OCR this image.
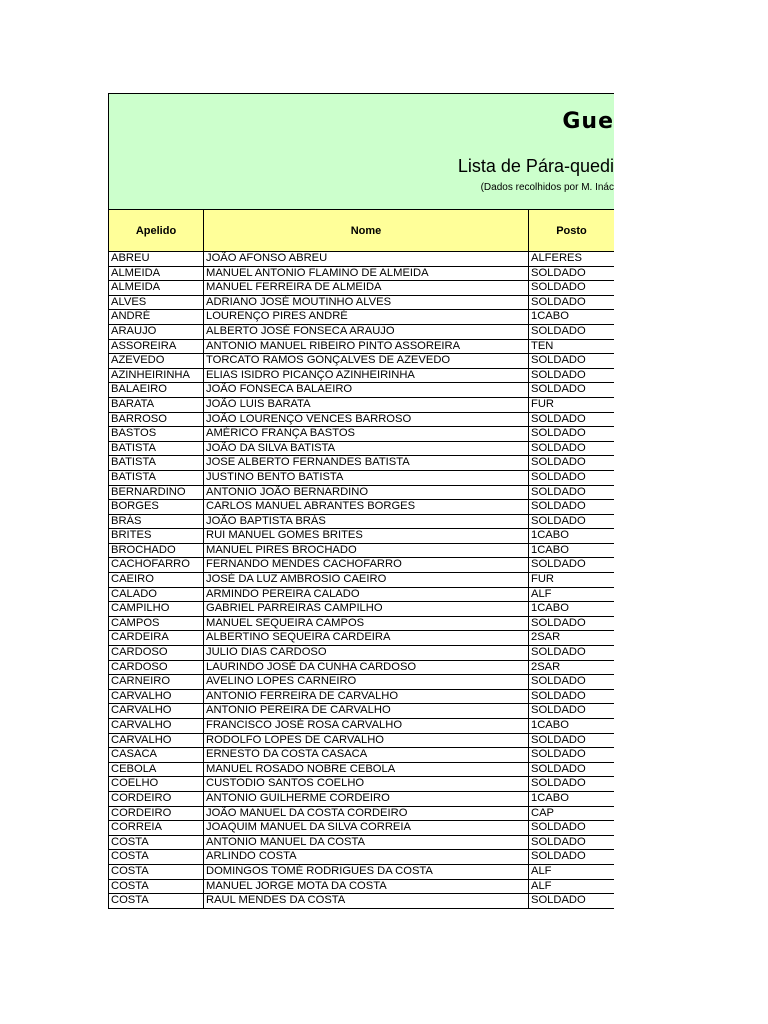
Gue
Lista de Pára-quedi
(Dados recolhidos por M. Inác
Apelido	Nome	Posto
ABREU	JOÃO AFONSO ABREU	ALFERES
ALMEIDA	MANUEL ANTONIO FLAMINO DE ALMEIDA	SOLDADO
ALMEIDA	MANUEL FERREIRA DE ALMEIDA	SOLDADO
ALVES	ADRIANO JOSÉ MOUTINHO ALVES	SOLDADO
ANDRÉ	LOURENÇO PIRES ANDRÉ	1CABO
ARAUJO	ALBERTO JOSÉ FONSECA ARAUJO	SOLDADO
ASSOREIRA	ANTONIO MANUEL RIBEIRO PINTO ASSOREIRA	TEN
AZEVEDO	TORCATO RAMOS GONÇALVES DE AZEVEDO	SOLDADO
AZINHEIRINHA	ELIAS ISIDRO PICANÇO AZINHEIRINHA	SOLDADO
BALAEIRO	JOÃO FONSECA BALAEIRO	SOLDADO
BARATA	JOÃO LUIS BARATA	FUR
BARROSO	JOÃO LOURENÇO VENCES BARROSO	SOLDADO
BASTOS	AMÉRICO FRANÇA BASTOS	SOLDADO
BATISTA	JOÃO DA SILVA BATISTA	SOLDADO
BATISTA	JOSE ALBERTO FERNANDES BATISTA	SOLDADO
BATISTA	JUSTINO BENTO BATISTA	SOLDADO
BERNARDINO	ANTONIO JOÃO BERNARDINO	SOLDADO
BORGES	CARLOS MANUEL ABRANTES BORGES	SOLDADO
BRÁS	JOÃO BAPTISTA BRÁS	SOLDADO
BRITES	RUI MANUEL GOMES BRITES	1CABO
BROCHADO	MANUEL PIRES BROCHADO	1CABO
CACHOFARRO	FERNANDO MENDES CACHOFARRO	SOLDADO
CAEIRO	JOSÉ DA LUZ AMBROSIO CAEIRO	FUR
CALADO	ARMINDO PEREIRA CALADO	ALF
CAMPILHO	GABRIEL PARREIRAS CAMPILHO	1CABO
CAMPOS	MANUEL SEQUEIRA CAMPOS	SOLDADO
CARDEIRA	ALBERTINO SEQUEIRA CARDEIRA	2SAR
CARDOSO	JULIO DIAS CARDOSO	SOLDADO
CARDOSO	LAURINDO JOSÉ DA CUNHA CARDOSO	2SAR
CARNEIRO	AVELINO LOPES CARNEIRO	SOLDADO
CARVALHO	ANTONIO FERREIRA DE CARVALHO	SOLDADO
CARVALHO	ANTONIO PEREIRA DE CARVALHO	SOLDADO
CARVALHO	FRANCISCO JOSÉ ROSA CARVALHO	1CABO
CARVALHO	RODOLFO LOPES DE CARVALHO	SOLDADO
CASACA	ERNESTO DA COSTA CASACA	SOLDADO
CEBOLA	MANUEL ROSADO NOBRE CEBOLA	SOLDADO
COELHO	CUSTODIO SANTOS COELHO	SOLDADO
CORDEIRO	ANTONIO GUILHERME CORDEIRO	1CABO
CORDEIRO	JOÃO MANUEL DA COSTA CORDEIRO	CAP
CORREIA	JOAQUIM MANUEL DA SILVA CORREIA	SOLDADO
COSTA	ANTONIO MANUEL DA COSTA	SOLDADO
COSTA	ARLINDO COSTA	SOLDADO
COSTA	DOMINGOS TOMÉ RODRIGUES DA COSTA	ALF
COSTA	MANUEL JORGE MOTA DA COSTA	ALF
COSTA	RAUL MENDES DA COSTA	SOLDADO
